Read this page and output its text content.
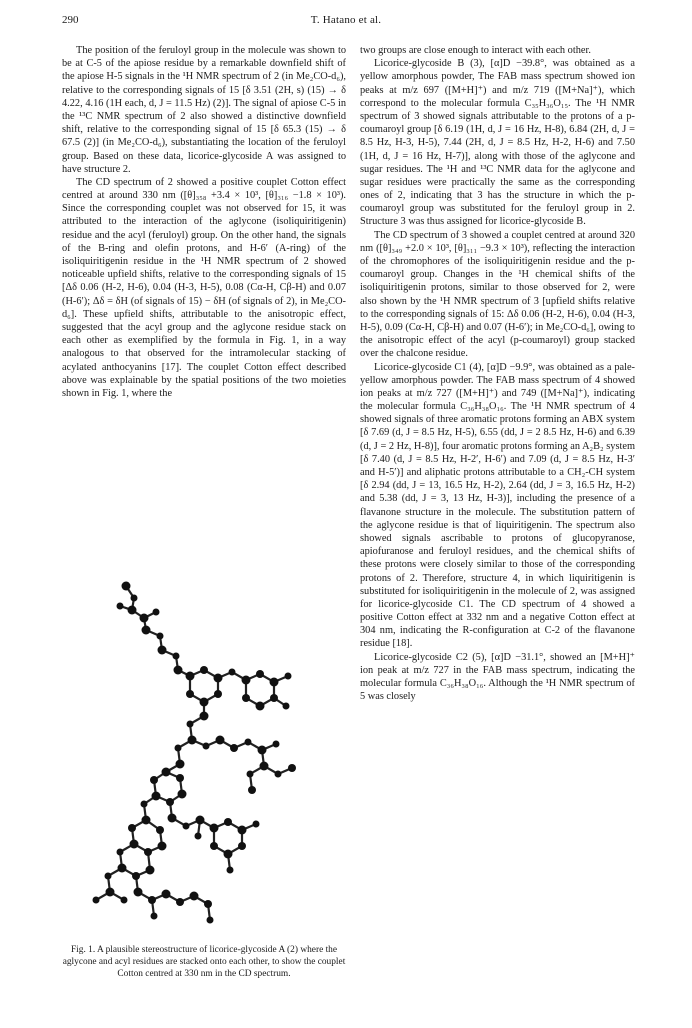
290	T. Hatano et al.

The position of the feruloyl group in the molecule was shown to be at C-5 of the apiose residue by a remarkable downfield shift of the apiose H-5 signals in the ¹H NMR spectrum of 2 (in Me₂CO-d₆), relative to the corresponding signals of 15 [δ 3.51 (2H, s) (15) → δ 4.22, 4.16 (1H each, d, J = 11.5 Hz) (2)]. The signal of apiose C-5 in the ¹³C NMR spectrum of 2 also showed a distinctive downfield shift, relative to the corresponding signal of 15 [δ 65.3 (15) → δ 67.5 (2)] (in Me₂CO-d₆), substantiating the location of the feruloyl group. Based on these data, licorice-glycoside A was assigned to have structure 2.

The CD spectrum of 2 showed a positive couplet Cotton effect centred at around 330 nm ([θ]₃₅₈ +3.4 × 10³, [θ]₃₁₆ −1.8 × 10³). Since the corresponding couplet was not observed for 15, it was attributed to the interaction of the aglycone (isoliquiritigenin) residue and the acyl (feruloyl) group. On the other hand, the signals of the B-ring and olefin protons, and H-6′ (A-ring) of the isoliquiritigenin residue in the ¹H NMR spectrum of 2 showed noticeable upfield shifts, relative to the corresponding signals of 15 [Δδ 0.06 (H-2, H-6), 0.04 (H-3, H-5), 0.08 (Cα-H, Cβ-H) and 0.07 (H-6′); Δδ = δH (of signals of 15) − δH (of signals of 2), in Me₂CO-d₆]. These upfield shifts, attributable to the anisotropic effect, suggested that the acyl group and the aglycone residue stack on each other as exemplified by the formula in Fig. 1, in a way analogous to that observed for the intramolecular stacking of acylated anthocyanins [17]. The couplet Cotton effect described above was explainable by the spatial positions of the two moieties shown in Fig. 1, where the

two groups are close enough to interact with each other.

Licorice-glycoside B (3), [α]D −39.8°, was obtained as a yellow amorphous powder, The FAB mass spectrum showed ion peaks at m/z 697 ([M+H]⁺) and m/z 719 ([M+Na]⁺), which correspond to the molecular formula C₃₅H₃₆O₁₅. The ¹H NMR spectrum of 3 showed signals attributable to the protons of a p-coumaroyl group [δ 6.19 (1H, d, J = 16 Hz, H-8), 6.84 (2H, d, J = 8.5 Hz, H-3, H-5), 7.44 (2H, d, J = 8.5 Hz, H-2, H-6) and 7.50 (1H, d, J = 16 Hz, H-7)], along with those of the aglycone and sugar residues. The ¹H and ¹³C NMR data for the aglycone and sugar residues were practically the same as the corresponding ones of 2, indicating that 3 has the structure in which the p-coumaroyl group was substituted for the feruloyl group in 2. Structure 3 was thus assigned for licorice-glycoside B.

The CD spectrum of 3 showed a couplet centred at around 320 nm ([θ]₃₄₉ +2.0 × 10³, [θ]₃₁₁ −9.3 × 10³), reflecting the interaction of the chromophores of the isoliquiritigenin residue and the p-coumaroyl group. Changes in the ¹H chemical shifts of the isoliquiritigenin protons, similar to those observed for 2, were also shown by the ¹H NMR spectrum of 3 [upfield shifts relative to the corresponding signals of 15: Δδ 0.06 (H-2, H-6), 0.04 (H-3, H-5), 0.09 (Cα-H, Cβ-H) and 0.07 (H-6′); in Me₂CO-d₆], owing to the anisotropic effect of the acyl (p-coumaroyl) group stacked over the chalcone residue.

Licorice-glycoside C1 (4), [α]D −9.9°, was obtained as a pale-yellow amorphous powder. The FAB mass spectrum of 4 showed ion peaks at m/z 727 ([M+H]⁺) and 749 ([M+Na]⁺), indicating the molecular formula C₃₆H₃₈O₁₆. The ¹H NMR spectrum of 4 showed signals of three aromatic protons forming an ABX system [δ 7.69 (d, J = 8.5 Hz, H-5), 6.55 (dd, J = 2 8.5 Hz, H-6) and 6.39 (d, J = 2 Hz, H-8)], four aromatic protons forming an A₂B₂ system [δ 7.40 (d, J = 8.5 Hz, H-2′, H-6′) and 7.09 (d, J = 8.5 Hz, H-3′ and H-5′)] and aliphatic protons attributable to a CH₂-CH system [δ 2.94 (dd, J = 13, 16.5 Hz, H-2), 2.64 (dd, J = 3, 16.5 Hz, H-2) and 5.38 (dd, J = 3, 13 Hz, H-3)], including the presence of a flavanone structure in the molecule. The substitution pattern of the aglycone residue is that of liquiritigenin. The spectrum also showed signals ascribable to protons of glucopyranose, apiofuranose and feruloyl residues, and the chemical shifts of these protons were closely similar to those of the corresponding protons of 2. Therefore, structure 4, in which liquiritigenin is substituted for isoliquiritigenin in the molecule of 2, was assigned for licorice-glycoside C1. The CD spectrum of 4 showed a positive Cotton effect at 332 nm and a negative Cotton effect at 304 nm, indicating the R-configuration at C-2 of the flavanone residue [18].

Licorice-glycoside C2 (5), [α]D −31.1°, showed an [M+H]⁺ ion peak at m/z 727 in the FAB mass spectrum, indicating the molecular formula C₃₆H₃₈O₁₆. Although the ¹H NMR spectrum of 5 was closely

Fig. 1. A plausible stereostructure of licorice-glycoside A (2) where the aglycone and acyl residues are stacked onto each other, to show the couplet Cotton centred at 330 nm in the CD spectrum.
